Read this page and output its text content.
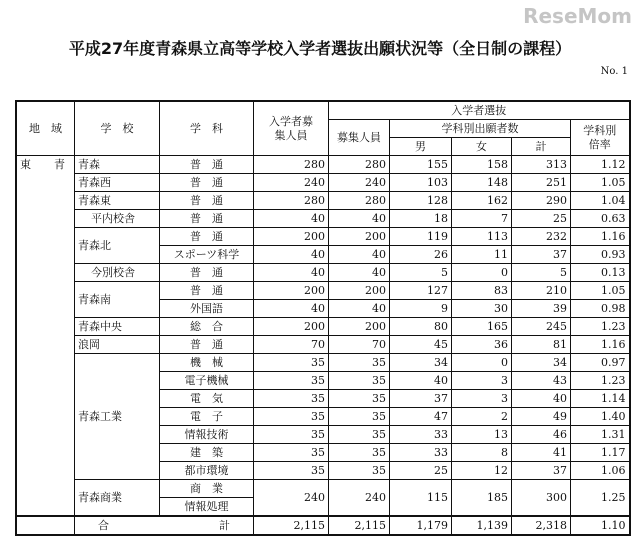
平成27年度青森県立高等学校入学者選抜出願状況等（全日制の課程）
No. 1
地　域	学　校	学　科	入学者募集人員	入学者選抜				
				募集人員	学科別出願者数			学科別倍率
					男	女	計	
東　青	青森	普　通	280	280	155	158	313	1.12
	青森西	普　通	240	240	103	148	251	1.05
	青森東	普　通	280	280	128	162	290	1.04
	平内校舎	普　通	40	40	18	7	25	0.63
	青森北	普　通	200	200	119	113	232	1.16
		スポーツ科学	40	40	26	11	37	0.93
	今別校舎	普　通	40	40	5	0	5	0.13
	青森南	普　通	200	200	127	83	210	1.05
		外国語	40	40	9	30	39	0.98
	青森中央	総　合	200	200	80	165	245	1.23
	浪岡	普　通	70	70	45	36	81	1.16
	青森工業	機　械	35	35	34	0	34	0.97
		電子機械	35	35	40	3	43	1.23
		電　気	35	35	37	3	40	1.14
		電　子	35	35	47	2	49	1.40
		情報技術	35	35	33	13	46	1.31
		建　築	35	35	33	8	41	1.17
		都市環境	35	35	25	12	37	1.06
	青森商業	商　業	240	240	115	185	300	1.25
		情報処理						
	合 計		2,115	2,115	1,179	1,139	2,318	1.10
ReseMom
